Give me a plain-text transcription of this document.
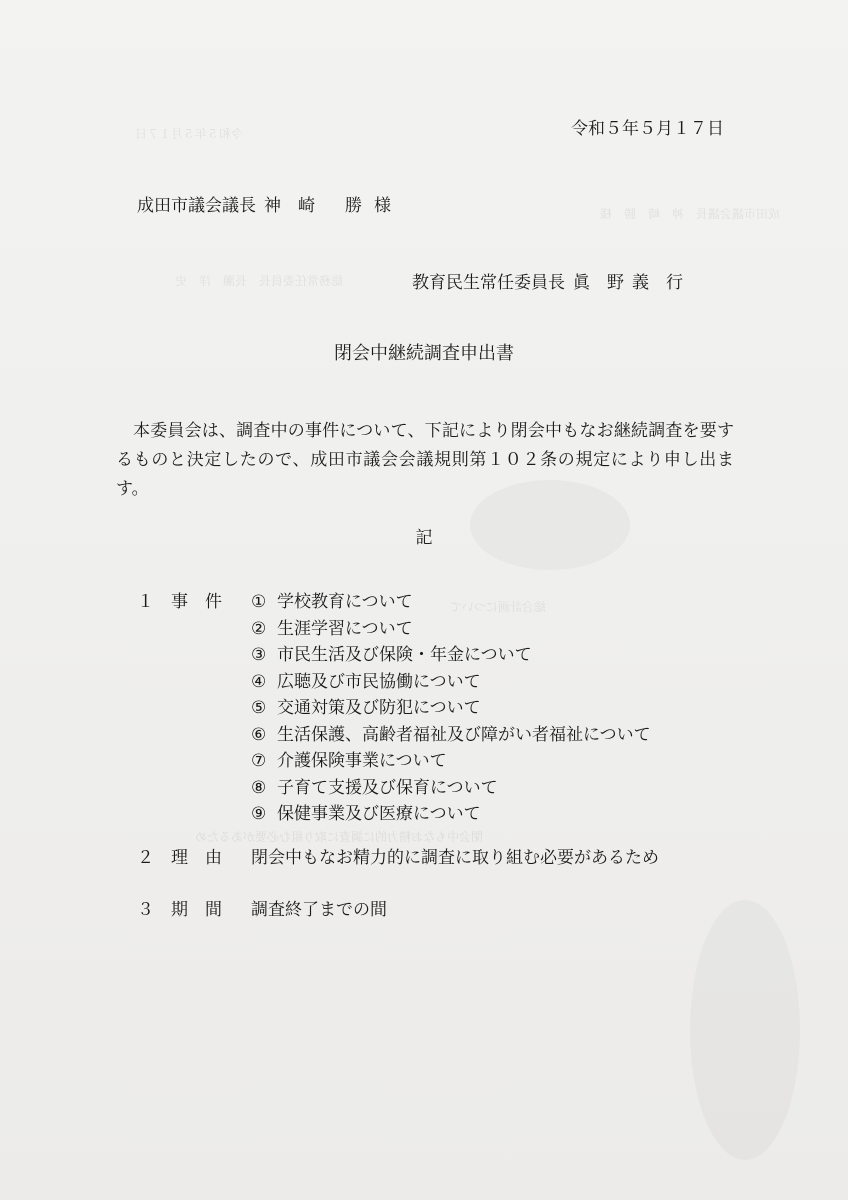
令和５年５月１７日
成田市議会議長　神　崎　勝　様
総務常任委員長　長瀬　洋　史
総合計画について
閉会中もなお精力的に調査に取り組む必要があるため
令和５年５月１７日
成田市議会議長 神　崎 勝 様
教育民生常任委員長 眞　野 義　行
閉会中継続調査申出書
本委員会は、調査中の事件について、下記により閉会中もなお継続調査を要するものと決定したので、成田市議会会議規則第１０２条の規定により申し出ます。
記
１　事　件 ① 学校教育について
② 生涯学習について
③ 市民生活及び保険・年金について
④ 広聴及び市民協働について
⑤ 交通対策及び防犯について
⑥ 生活保護、高齢者福祉及び障がい者福祉について
⑦ 介護保険事業について
⑧ 子育て支援及び保育について
⑨ 保健事業及び医療について
２　理　由 閉会中もなお精力的に調査に取り組む必要があるため
３　期　間 調査終了までの間
